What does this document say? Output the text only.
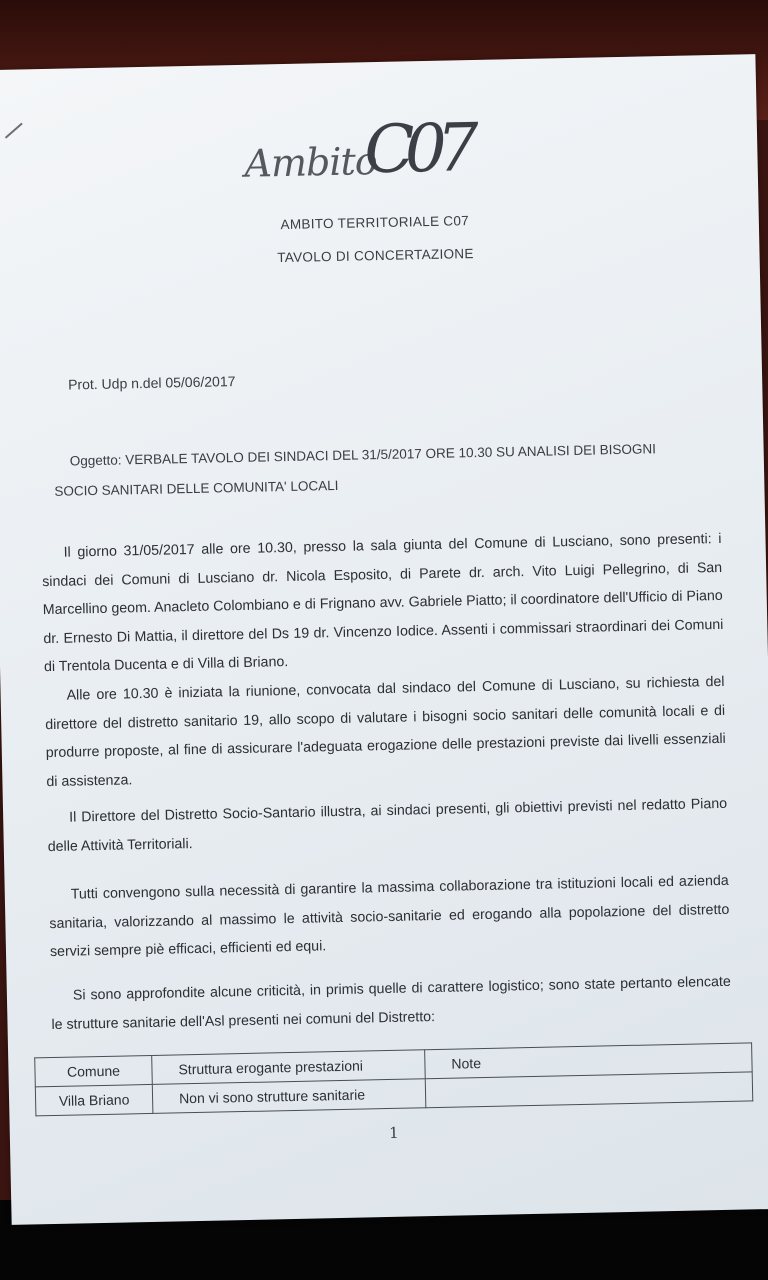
Ambito
C07
AMBITO TERRITORIALE C07
TAVOLO DI CONCERTAZIONE
Prot. Udp n.del 05/06/2017
Oggetto: VERBALE TAVOLO DEI SINDACI DEL 31/5/2017 ORE 10.30 SU ANALISI DEI BISOGNI
SOCIO SANITARI DELLE COMUNITA' LOCALI

Il giorno 31/05/2017 alle ore 10.30, presso la sala giunta del Comune di Lusciano, sono presenti: i sindaci dei Comuni di Lusciano dr. Nicola Esposito, di Parete dr. arch. Vito Luigi Pellegrino, di San Marcellino geom. Anacleto Colombiano e di Frignano avv. Gabriele Piatto; il coordinatore dell'Ufficio di Piano dr. Ernesto Di Mattia, il direttore del Ds 19 dr. Vincenzo Iodice. Assenti i commissari straordinari dei Comuni di Trentola Ducenta e di Villa di Briano.

Alle ore 10.30 è iniziata la riunione, convocata dal sindaco del Comune di Lusciano, su richiesta del direttore del distretto sanitario 19, allo scopo di valutare i bisogni socio sanitari delle comunità locali e di produrre proposte, al fine di assicurare l'adeguata erogazione delle prestazioni previste dai livelli essenziali di assistenza.

Il Direttore del Distretto Socio-Santario illustra, ai sindaci presenti, gli obiettivi previsti nel redatto Piano delle Attività Territoriali.

Tutti convengono sulla necessità di garantire la massima collaborazione tra istituzioni locali ed azienda sanitaria, valorizzando al massimo le attività socio-sanitarie ed erogando alla popolazione del distretto servizi sempre piè efficaci, efficienti ed equi.

Si sono approfondite alcune criticità, in primis quelle di carattere logistico; sono state pertanto elencate le strutture sanitarie dell'Asl presenti nei comuni del Distretto:

Comune	Struttura erogante prestazioni	Note
Villa Briano	Non vi sono strutture sanitarie	
1
